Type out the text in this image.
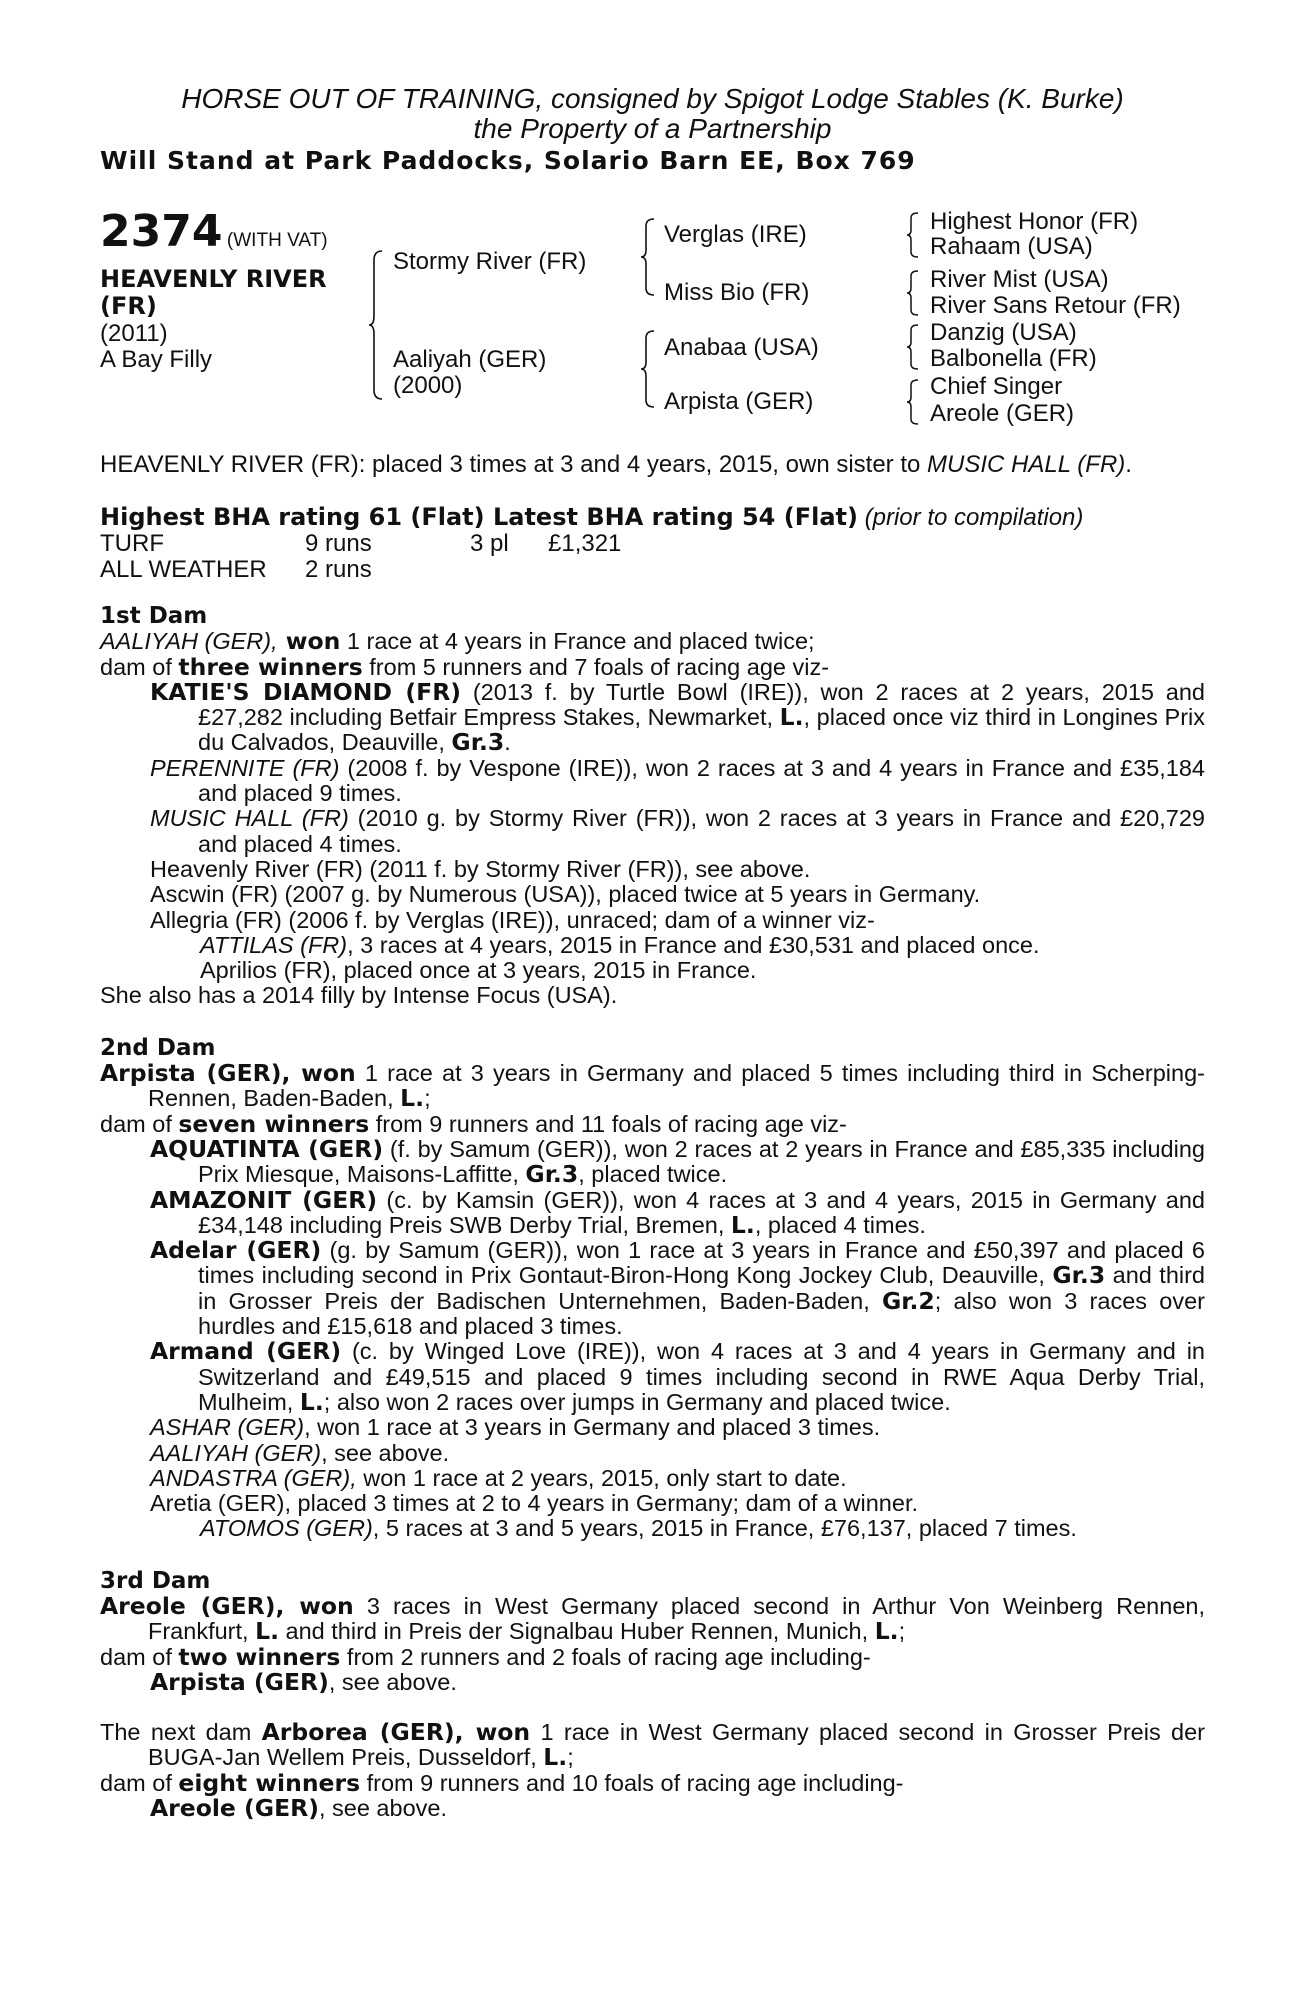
HORSE OUT OF TRAINING, consigned by Spigot Lodge Stables (K. Burke)
the Property of a Partnership
Will Stand at Park Paddocks, Solario Barn EE, Box 769
2374 (WITH VAT)
HEAVENLY RIVER
(FR)
(2011)
A Bay Filly
Stormy River (FR)
Aaliyah (GER)
(2000)
Verglas (IRE)
Miss Bio (FR)
Anabaa (USA)
Arpista (GER)
Highest Honor (FR)
Rahaam (USA)
River Mist (USA)
River Sans Retour (FR)
Danzig (USA)
Balbonella (FR)
Chief Singer
Areole (GER)
HEAVENLY RIVER (FR): placed 3 times at 3 and 4 years, 2015, own sister to MUSIC HALL (FR).
Highest BHA rating 61 (Flat) Latest BHA rating 54 (Flat) (prior to compilation)
TURF	9 runs	3 pl £1,321
ALL WEATHER 2 runs
1st Dam

AALIYAH (GER), won 1 race at 4 years in France and placed twice;

dam of three winners from 5 runners and 7 foals of racing age viz-

KATIE'S DIAMOND (FR) (2013 f. by Turtle Bowl (IRE)), won 2 races at 2 years, 2015 and £27,282 including Betfair Empress Stakes, Newmarket, L., placed once viz third in Longines Prix du Calvados, Deauville, Gr.3.

PERENNITE (FR) (2008 f. by Vespone (IRE)), won 2 races at 3 and 4 years in France and £35,184 and placed 9 times.

MUSIC HALL (FR) (2010 g. by Stormy River (FR)), won 2 races at 3 years in France and £20,729 and placed 4 times.

Heavenly River (FR) (2011 f. by Stormy River (FR)), see above.

Ascwin (FR) (2007 g. by Numerous (USA)), placed twice at 5 years in Germany.

Allegria (FR) (2006 f. by Verglas (IRE)), unraced; dam of a winner viz-

ATTILAS (FR), 3 races at 4 years, 2015 in France and £30,531 and placed once.

Aprilios (FR), placed once at 3 years, 2015 in France.

She also has a 2014 filly by Intense Focus (USA).

2nd Dam

Arpista (GER), won 1 race at 3 years in Germany and placed 5 times including third in Scherping-Rennen, Baden-Baden, L.;

dam of seven winners from 9 runners and 11 foals of racing age viz-

AQUATINTA (GER) (f. by Samum (GER)), won 2 races at 2 years in France and £85,335 including Prix Miesque, Maisons-Laffitte, Gr.3, placed twice.

AMAZONIT (GER) (c. by Kamsin (GER)), won 4 races at 3 and 4 years, 2015 in Germany and £34,148 including Preis SWB Derby Trial, Bremen, L., placed 4 times.

Adelar (GER) (g. by Samum (GER)), won 1 race at 3 years in France and £50,397 and placed 6 times including second in Prix Gontaut-Biron-Hong Kong Jockey Club, Deauville, Gr.3 and third in Grosser Preis der Badischen Unternehmen, Baden-Baden, Gr.2; also won 3 races over hurdles and £15,618 and placed 3 times.

Armand (GER) (c. by Winged Love (IRE)), won 4 races at 3 and 4 years in Germany and in Switzerland and £49,515 and placed 9 times including second in RWE Aqua Derby Trial, Mulheim, L.; also won 2 races over jumps in Germany and placed twice.

ASHAR (GER), won 1 race at 3 years in Germany and placed 3 times.

AALIYAH (GER), see above.

ANDASTRA (GER), won 1 race at 2 years, 2015, only start to date.

Aretia (GER), placed 3 times at 2 to 4 years in Germany; dam of a winner.

ATOMOS (GER), 5 races at 3 and 5 years, 2015 in France, £76,137, placed 7 times.

3rd Dam

Areole (GER), won 3 races in West Germany placed second in Arthur Von Weinberg Rennen, Frankfurt, L. and third in Preis der Signalbau Huber Rennen, Munich, L.;

dam of two winners from 2 runners and 2 foals of racing age including-

Arpista (GER), see above.

The next dam Arborea (GER), won 1 race in West Germany placed second in Grosser Preis der BUGA-Jan Wellem Preis, Dusseldorf, L.;

dam of eight winners from 9 runners and 10 foals of racing age including-

Areole (GER), see above.
